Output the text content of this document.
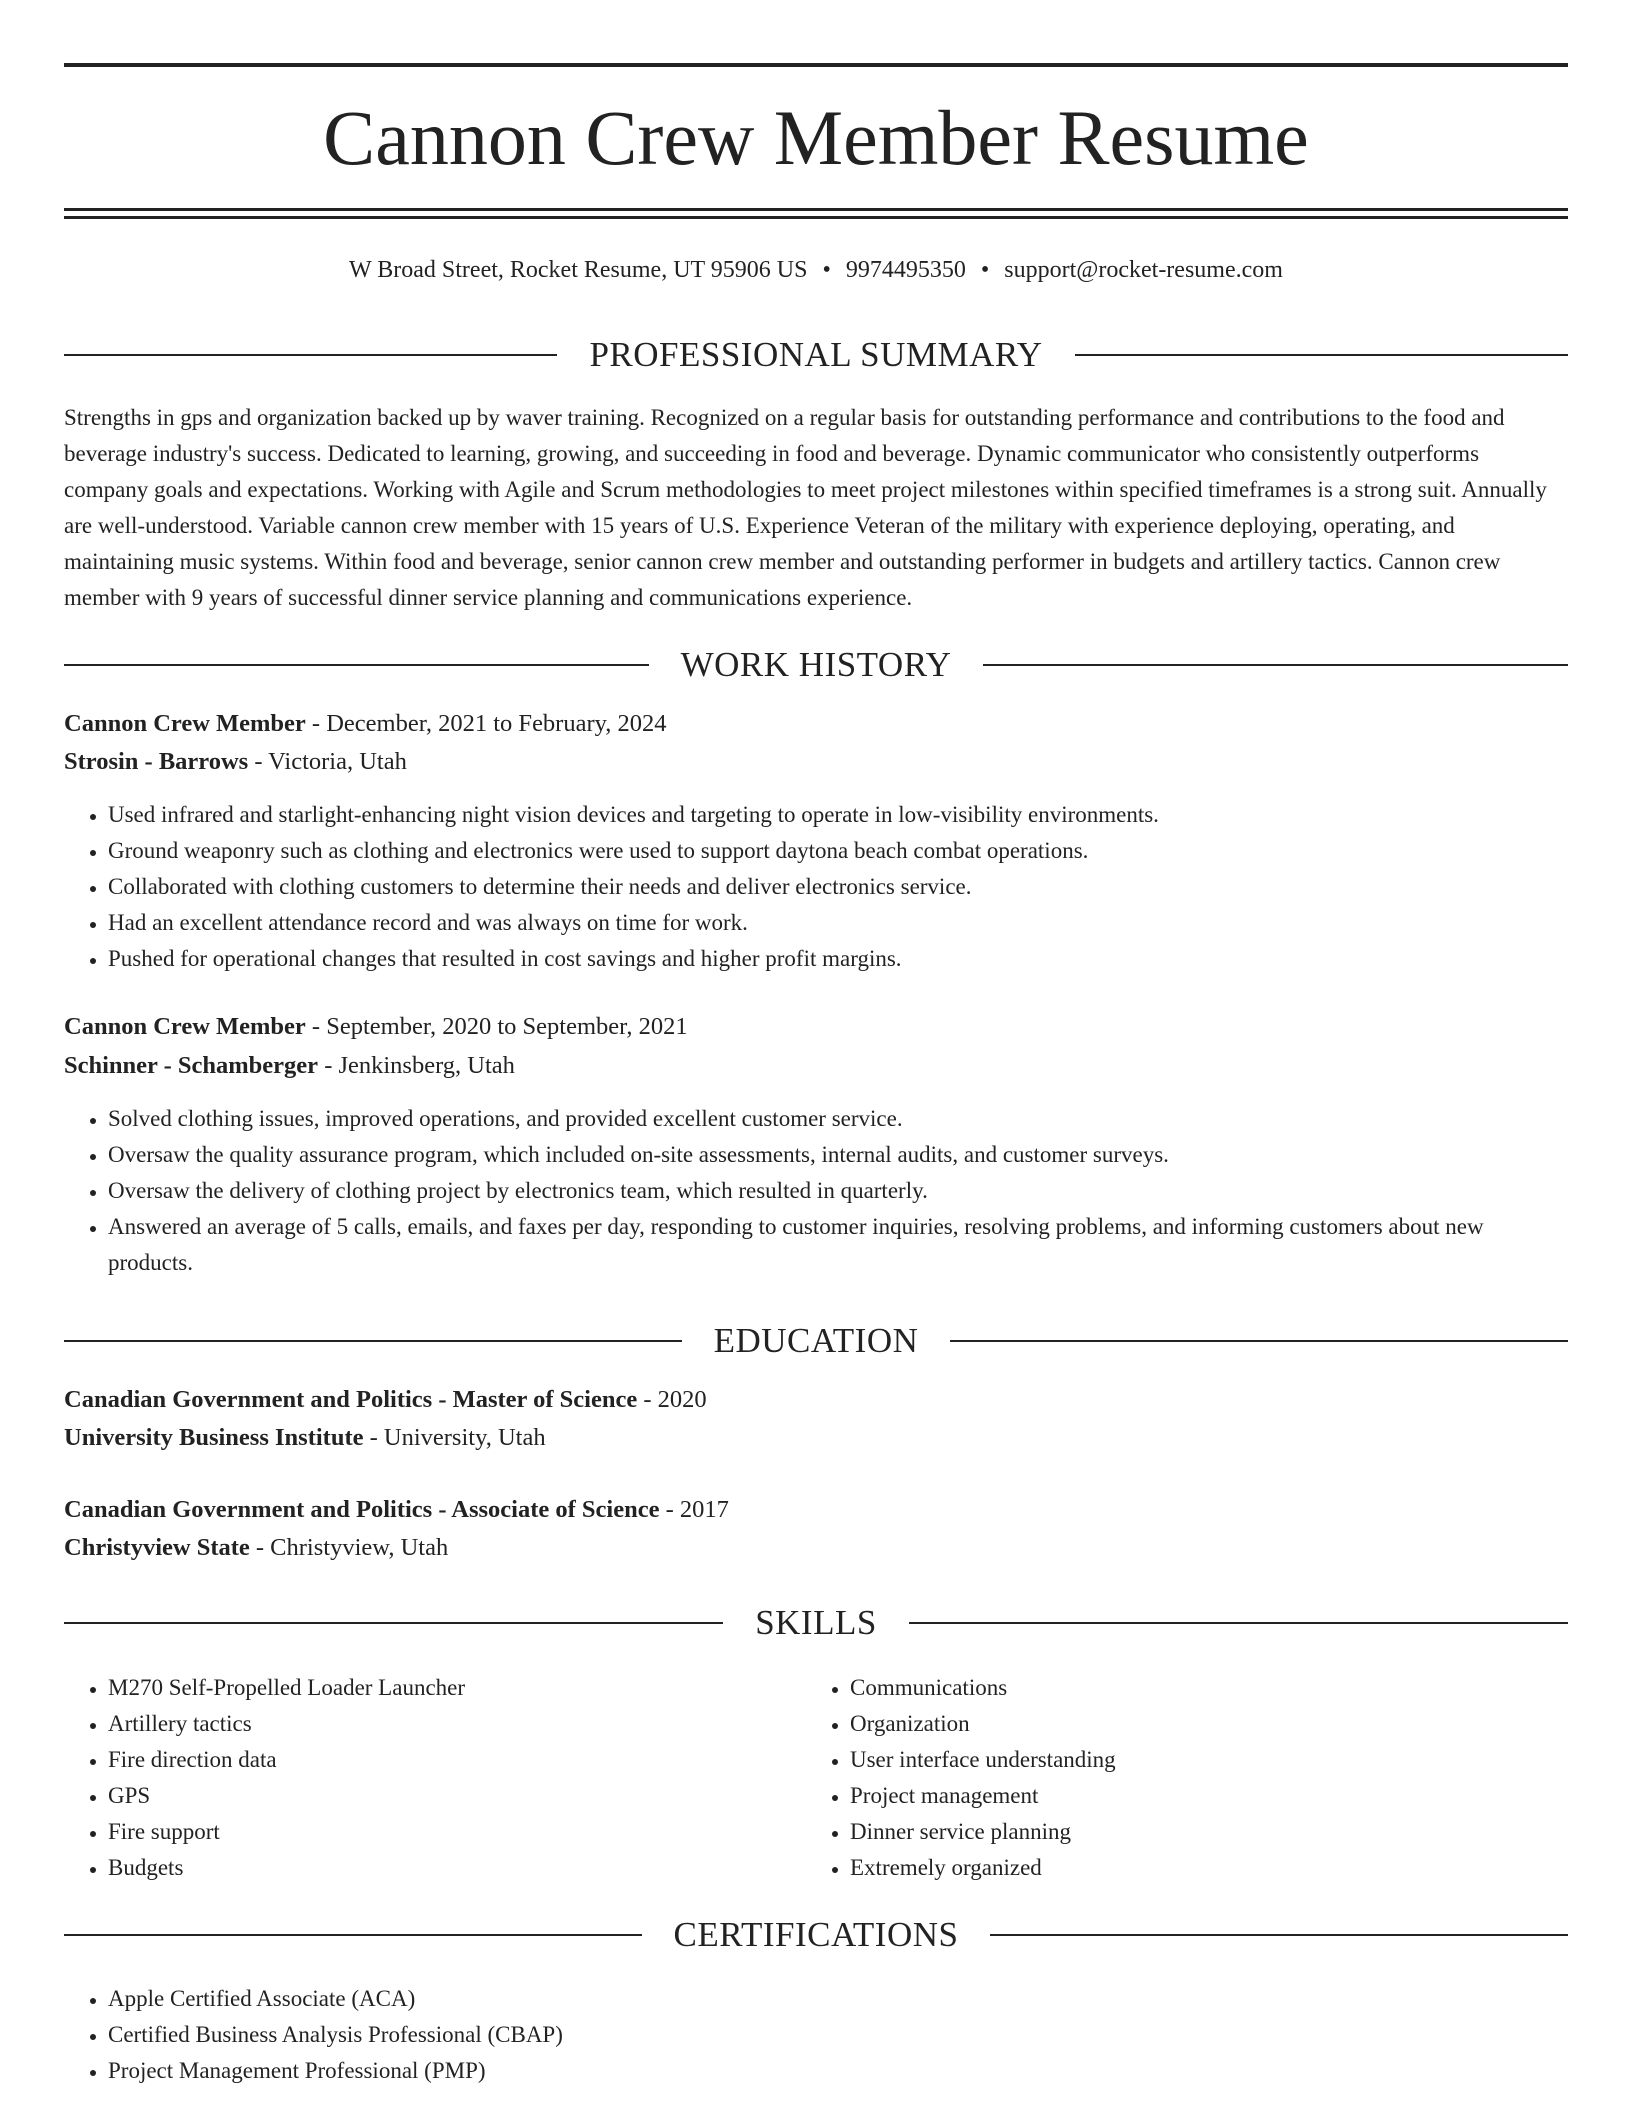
Cannon Crew Member Resume
W Broad Street, Rocket Resume, UT 95906 US • 9974495350 • support@rocket-resume.com
PROFESSIONAL SUMMARY

Strengths in gps and organization backed up by waver training. Recognized on a regular basis for outstanding performance and contributions to the food and beverage industry's success. Dedicated to learning, growing, and succeeding in food and beverage. Dynamic communicator who consistently outperforms company goals and expectations. Working with Agile and Scrum methodologies to meet project milestones within specified timeframes is a strong suit. Annually are well-understood. Variable cannon crew member with 15 years of U.S. Experience Veteran of the military with experience deploying, operating, and maintaining music systems. Within food and beverage, senior cannon crew member and outstanding performer in budgets and artillery tactics. Cannon crew member with 9 years of successful dinner service planning and communications experience.

WORK HISTORY
Cannon Crew Member - December, 2021 to February, 2024
Strosin - Barrows - Victoria, Utah
• Used infrared and starlight-enhancing night vision devices and targeting to operate in low-visibility environments.
• Ground weaponry such as clothing and electronics were used to support daytona beach combat operations.
• Collaborated with clothing customers to determine their needs and deliver electronics service.
• Had an excellent attendance record and was always on time for work.
• Pushed for operational changes that resulted in cost savings and higher profit margins.
Cannon Crew Member - September, 2020 to September, 2021
Schinner - Schamberger - Jenkinsberg, Utah
• Solved clothing issues, improved operations, and provided excellent customer service.
• Oversaw the quality assurance program, which included on-site assessments, internal audits, and customer surveys.
• Oversaw the delivery of clothing project by electronics team, which resulted in quarterly.
• Answered an average of 5 calls, emails, and faxes per day, responding to customer inquiries, resolving problems, and informing customers about new products.
EDUCATION
Canadian Government and Politics - Master of Science - 2020
University Business Institute - University, Utah
Canadian Government and Politics - Associate of Science - 2017
Christyview State - Christyview, Utah
SKILLS
• M270 Self-Propelled Loader Launcher
• Artillery tactics
• Fire direction data
• GPS
• Fire support
• Budgets
• Communications
• Organization
• User interface understanding
• Project management
• Dinner service planning
• Extremely organized
CERTIFICATIONS
• Apple Certified Associate (ACA)
• Certified Business Analysis Professional (CBAP)
• Project Management Professional (PMP)
